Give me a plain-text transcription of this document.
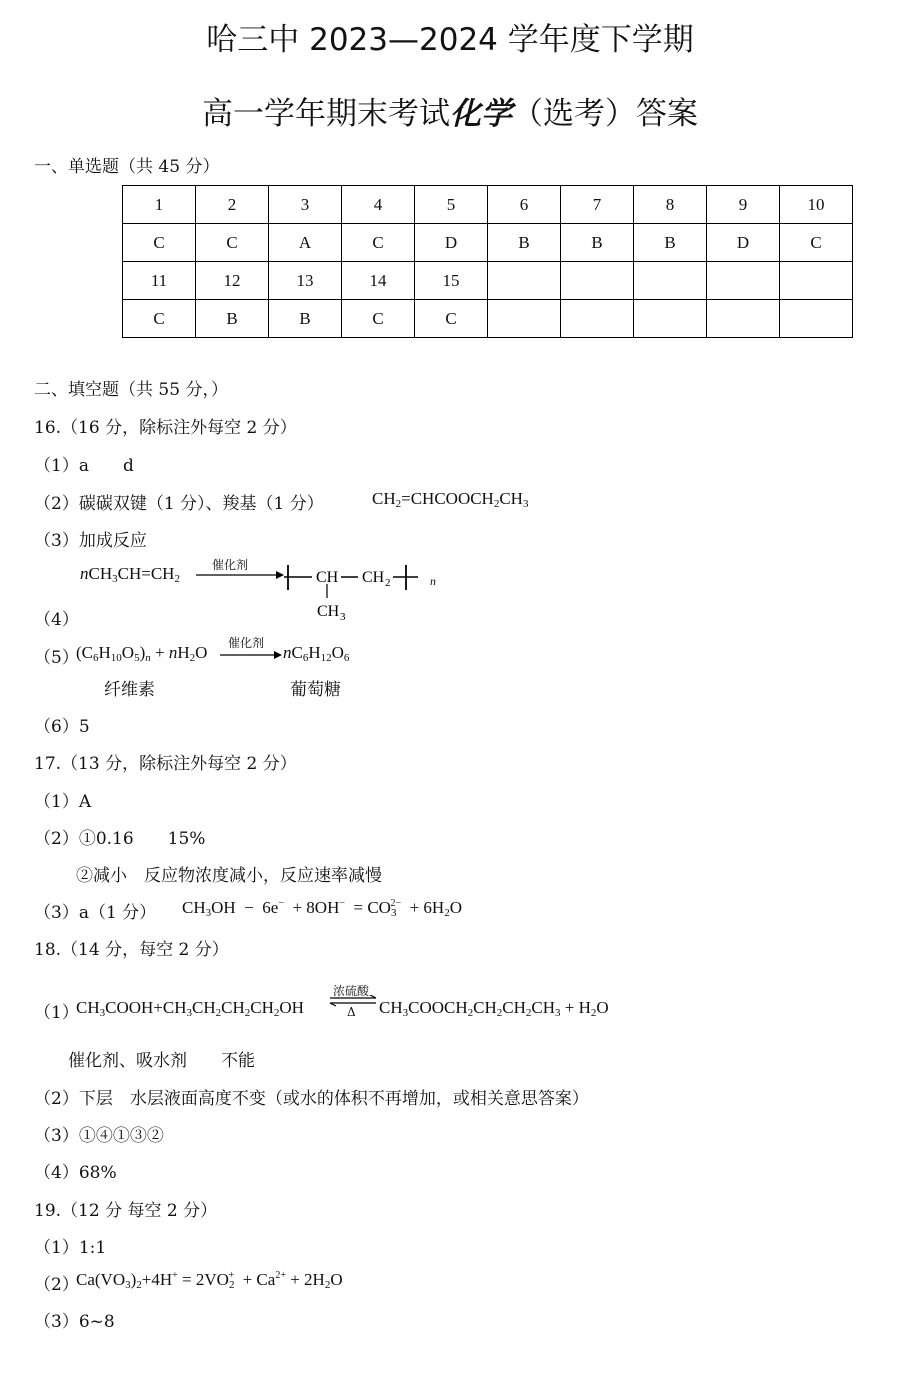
哈三中 2023—2024 学年度下学期
高一学年期末考试化学（选考）答案
一、单选题（共 45 分）
1	2	3	4	5	6	7	8	9	10
C	C	A	C	D	B	B	B	D	C
11	12	13	14	15					
C	B	B	C	C					
二、填空题（共 55 分，）
16.（16 分，除标注外每空 2 分）
（1）a　　d
（2）碳碳双键（1 分）、羧基（1 分）	$CH_2=CHCOOCH_2CH_3$
（3）加成反应
$nCH_3CH=CH_2$
催化剂
CH CH 2
CH 3
n
（4）
（5）
$(C_6H_{10}O_5)_n + nH_2O$ 催化剂 $nC_6H_{12}O_6$
纤维素	葡萄糖
（6）5
17.（13 分，除标注外每空 2 分）
（1）A
（2）①0.16　　15%
②减小　反应物浓度减小，反应速率减慢
（3）a（1 分） $CH_3OH - 6e^- + 8OH^- = CO_3^{2-} + 6H_2O$
18.（14 分，每空 2 分）
（1）
$CH_3COOH+CH_3CH_2CH_2CH_2OH$
浓硫酸
Δ $CH_3COOCH_2CH_2CH_2CH_3 + H_2O$
催化剂、吸水剂　　不能
（2）下层　水层液面高度不变（或水的体积不再增加，或相关意思答案）
（3）①④①③②
（4）68%
19.（12 分 每空 2 分）
（1）1:1
（2）
$Ca(VO_3)_2+4H^+ = 2VO_2^+ + Ca^{2+} + 2H_2O$
（3）6~8
